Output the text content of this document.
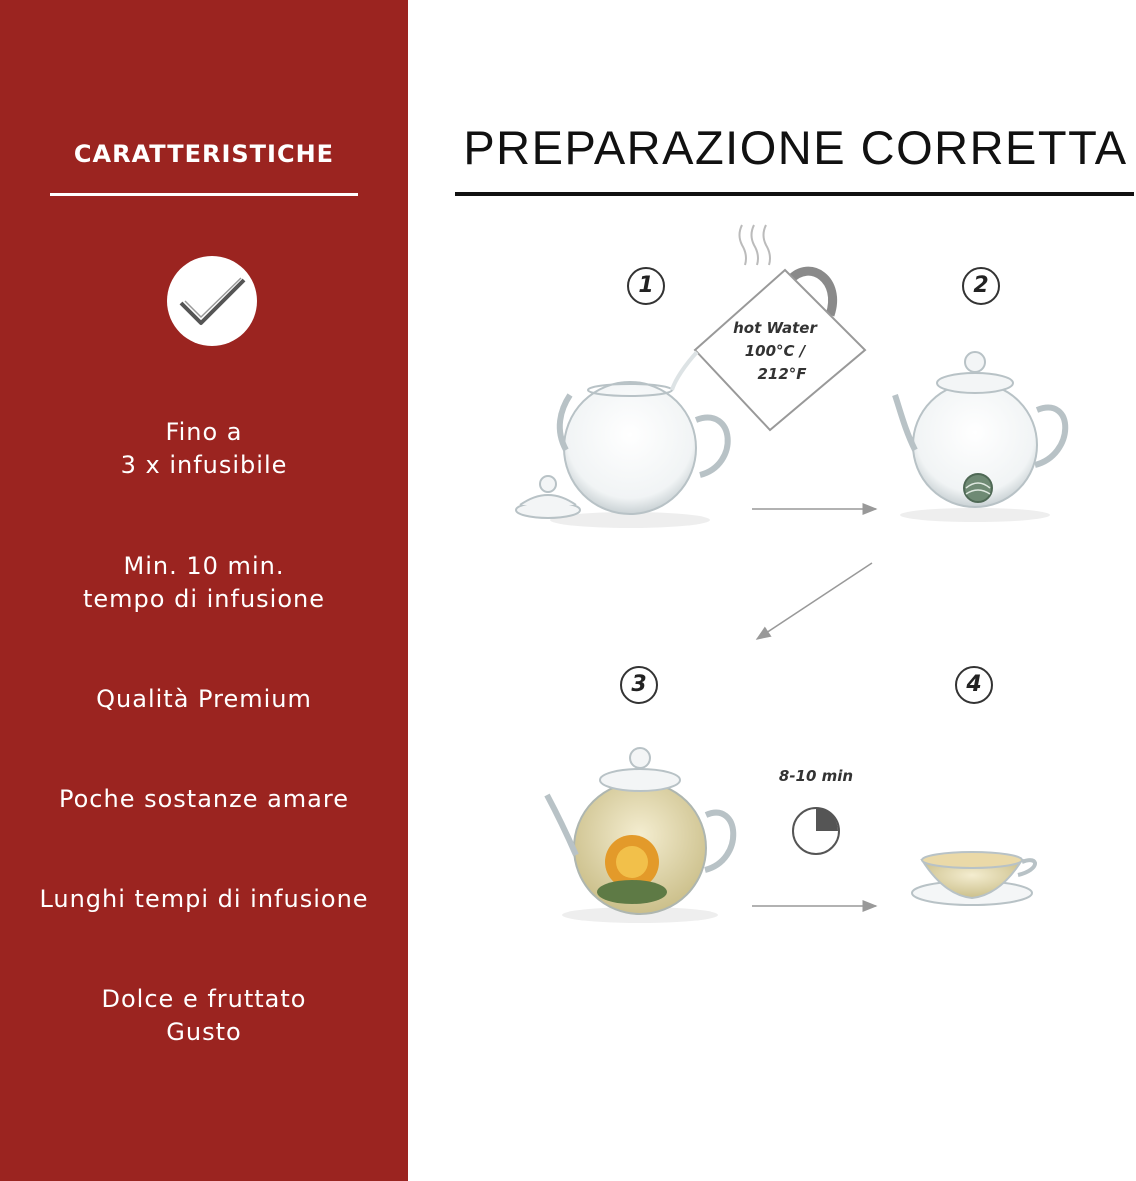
CARATTERISTICHE
Fino a
3 x infusibile
Min. 10 min.
tempo di infusione
Qualità Premium
Poche sostanze amare
Lunghi tempi di infusione
Dolce e fruttato
Gusto
PREPARAZIONE CORRETTA
1	2
3	4
hot Water
100°C /
212°F
8-10 min
